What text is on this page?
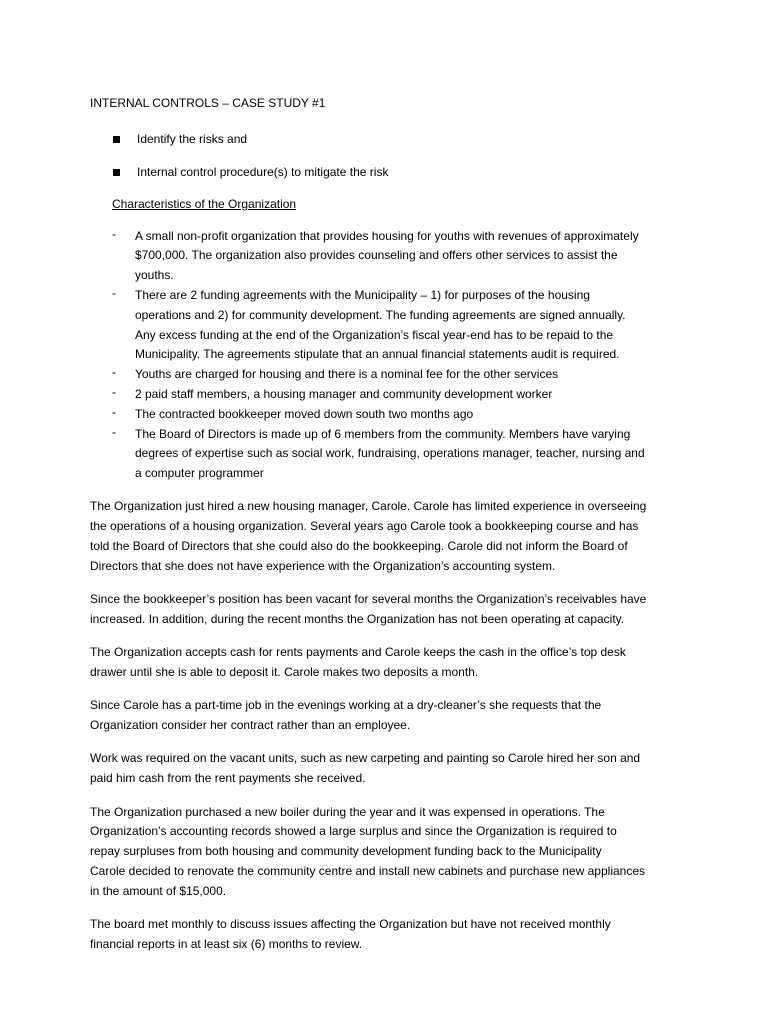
INTERNAL CONTROLS – CASE STUDY #1
Identify the risks and
Internal control procedure(s) to mitigate the risk
Characteristics of the Organization
- A small non-profit organization that provides housing for youths with revenues of approximately
$700,000. The organization also provides counseling and offers other services to assist the
youths.
- There are 2 funding agreements with the Municipality – 1) for purposes of the housing
operations and 2) for community development. The funding agreements are signed annually.
Any excess funding at the end of the Organization’s fiscal year-end has to be repaid to the
Municipality. The agreements stipulate that an annual financial statements audit is required.
- Youths are charged for housing and there is a nominal fee for the other services
- 2 paid staff members, a housing manager and community development worker
- The contracted bookkeeper moved down south two months ago
- The Board of Directors is made up of 6 members from the community. Members have varying
degrees of expertise such as social work, fundraising, operations manager, teacher, nursing and
a computer programmer
The Organization just hired a new housing manager, Carole. Carole has limited experience in overseeing
the operations of a housing organization. Several years ago Carole took a bookkeeping course and has
told the Board of Directors that she could also do the bookkeeping. Carole did not inform the Board of
Directors that she does not have experience with the Organization’s accounting system.
Since the bookkeeper’s position has been vacant for several months the Organization’s receivables have
increased. In addition, during the recent months the Organization has not been operating at capacity.
The Organization accepts cash for rents payments and Carole keeps the cash in the office’s top desk
drawer until she is able to deposit it. Carole makes two deposits a month.
Since Carole has a part-time job in the evenings working at a dry-cleaner’s she requests that the
Organization consider her contract rather than an employee.
Work was required on the vacant units, such as new carpeting and painting so Carole hired her son and
paid him cash from the rent payments she received.
The Organization purchased a new boiler during the year and it was expensed in operations. The
Organization’s accounting records showed a large surplus and since the Organization is required to
repay surpluses from both housing and community development funding back to the Municipality
Carole decided to renovate the community centre and install new cabinets and purchase new appliances
in the amount of $15,000.
The board met monthly to discuss issues affecting the Organization but have not received monthly
financial reports in at least six (6) months to review.
